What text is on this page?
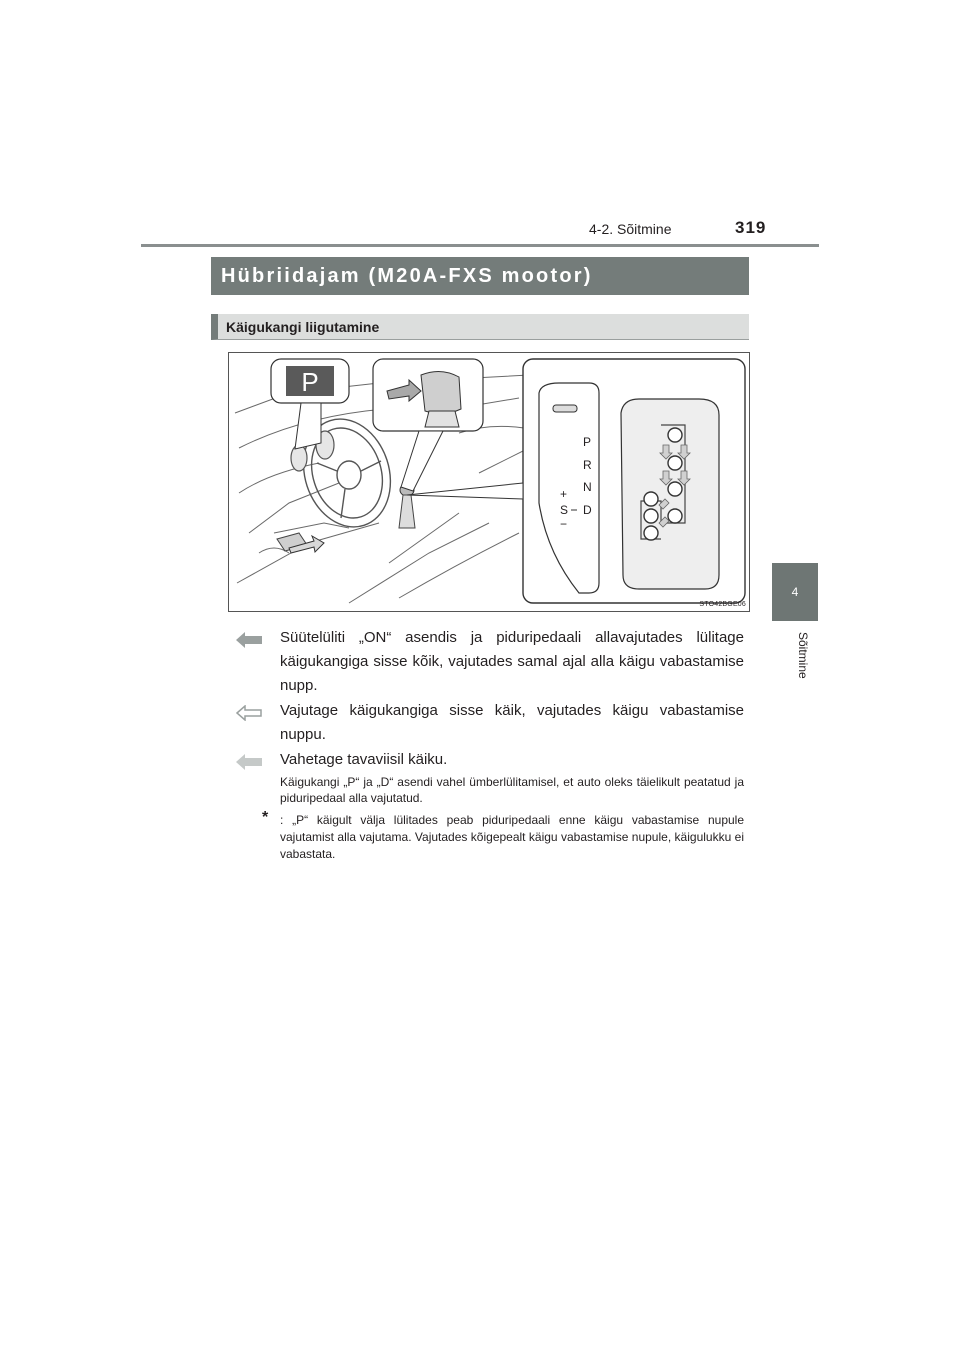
4-2. Sõitmine	319
4
Sõitmine
Hübriidajam (M20A-FXS mootor)
Käigukangi liigutamine
P
P
R
N
D
+
S
−
STO42BGE06
Süütelüliti „ON“ asendis ja piduripedaali allavajutades lülitage käigukangiga sisse kõik, vajutades samal ajal alla käigu vabastamise nupp.
Vajutage käigukangiga sisse käik, vajutades käigu vabastamise nuppu.
Vahetage tavaviisil käiku.
Käigukangi „P“ ja „D“ asendi vahel ümberlülitamisel, et auto oleks täielikult peatatud ja piduripedaal alla vajutatud.
* : „P“ käigult välja lülitades peab piduripedaali enne käigu vabastamise nupule vajutamist alla vajutama. Vajutades kõigepealt käigu vabastamise nupule, käigulukku ei vabastata.
